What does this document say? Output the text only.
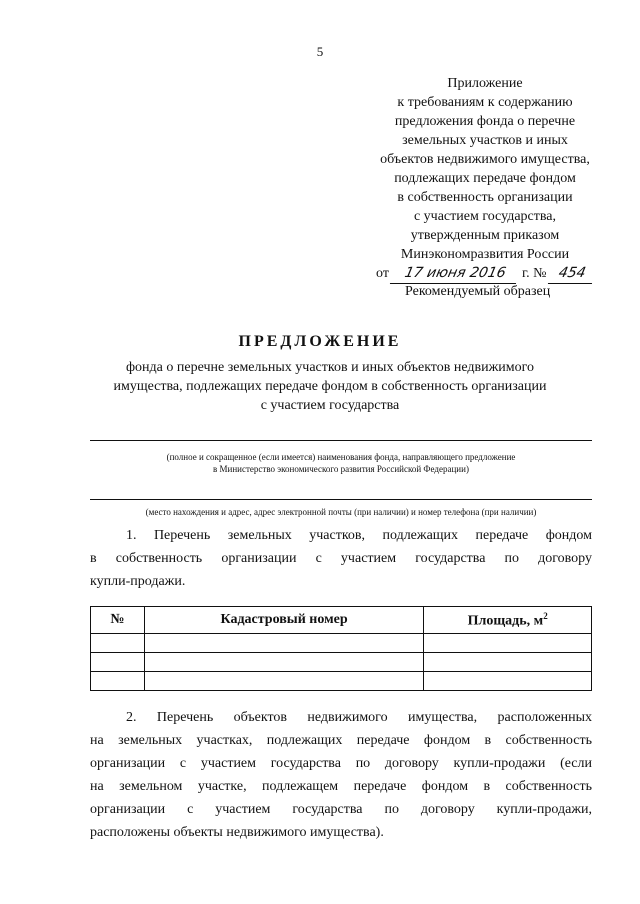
5
Приложение
к требованиям к содержанию
предложения фонда о перечне
земельных участков и иных
объектов недвижимого имущества,
подлежащих передаче фондом
в собственность организации
с участием государства,
утвержденным приказом
Минэкономразвития России
от 17 июня 2016 г. № 454
Рекомендуемый образец
ПРЕДЛОЖЕНИЕ
фонда о перечне земельных участков и иных объектов недвижимого
имущества, подлежащих передаче фондом в собственность организации
с участием государства
(полное и сокращенное (если имеется) наименования фонда, направляющего предложение
в Министерство экономического развития Российской Федерации)
(место нахождения и адрес, адрес электронной почты (при наличии) и номер телефона (при наличии)
1. Перечень земельных участков, подлежащих передаче фондом
в собственность организации с участием государства по договору
купли-продажи.
№	Кадастровый номер	Площадь, $м^2$

2. Перечень объектов недвижимого имущества, расположенных
на земельных участках, подлежащих передаче фондом в собственность
организации с участием государства по договору купли-продажи (если
на земельном участке, подлежащем передаче фондом в собственность
организации с участием государства по договору купли-продажи,
расположены объекты недвижимого имущества).
